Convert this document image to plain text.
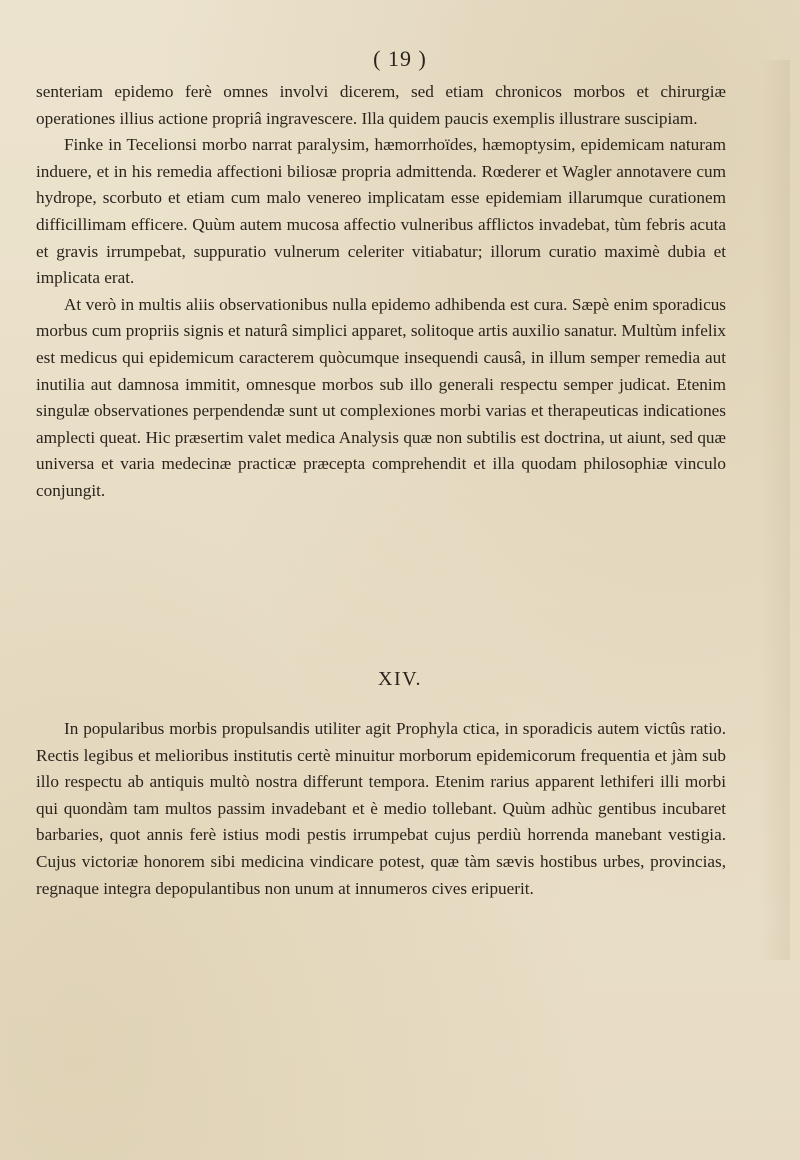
( 19 )

senteriam epidemo ferè omnes involvi dicerem, sed etiam chronicos morbos et chirurgiæ operationes illius actione propriâ ingravescere. Illa quidem paucis exemplis illustrare suscipiam.

Finke in Tecelionsi morbo narrat paralysim, hæmorrhoïdes, hæmoptysim, epidemicam naturam induere, et in his remedia affectioni biliosæ propria admittenda. Rœderer et Wagler annotavere cum hydrope, scorbuto et etiam cum malo venereo implicatam esse epidemiam illarumque curationem difficillimam efficere. Quùm autem mucosa affectio vulneribus afflictos invadebat, tùm febris acuta et gravis irrumpebat, suppuratio vulnerum celeriter vitiabatur; illorum curatio maximè dubia et implicata erat.

At verò in multis aliis observationibus nulla epidemo adhibenda est cura. Sæpè enim sporadicus morbus cum propriis signis et naturâ simplici apparet, solitoque artis auxilio sanatur. Multùm infelix est medicus qui epidemicum caracterem quòcumque insequendi causâ, in illum semper remedia aut inutilia aut damnosa immitit, omnesque morbos sub illo generali respectu semper judicat. Etenim singulæ observationes perpendendæ sunt ut complexiones morbi varias et therapeuticas indicationes amplecti queat. Hic præsertim valet medica Analysis quæ non subtilis est doctrina, ut aiunt, sed quæ universa et varia medecinæ practicæ præcepta comprehendit et illa quodam philosophiæ vinculo conjungit.

XIV.

In popularibus morbis propulsandis utiliter agit Prophyla ctica, in sporadicis autem victûs ratio. Rectis legibus et melioribus institutis certè minuitur morborum epidemicorum frequentia et jàm sub illo respectu ab antiquis multò nostra differunt tempora. Etenim rarius apparent lethiferi illi morbi qui quondàm tam multos passim invadebant et è medio tollebant. Quùm adhùc gentibus incubaret barbaries, quot annis ferè istius modi pestis irrumpebat cujus perdiù horrenda manebant vestigia. Cujus victoriæ honorem sibi medicina vindicare potest, quæ tàm sævis hostibus urbes, provincias, regnaque integra depopulantibus non unum at innumeros cives eripuerit.
